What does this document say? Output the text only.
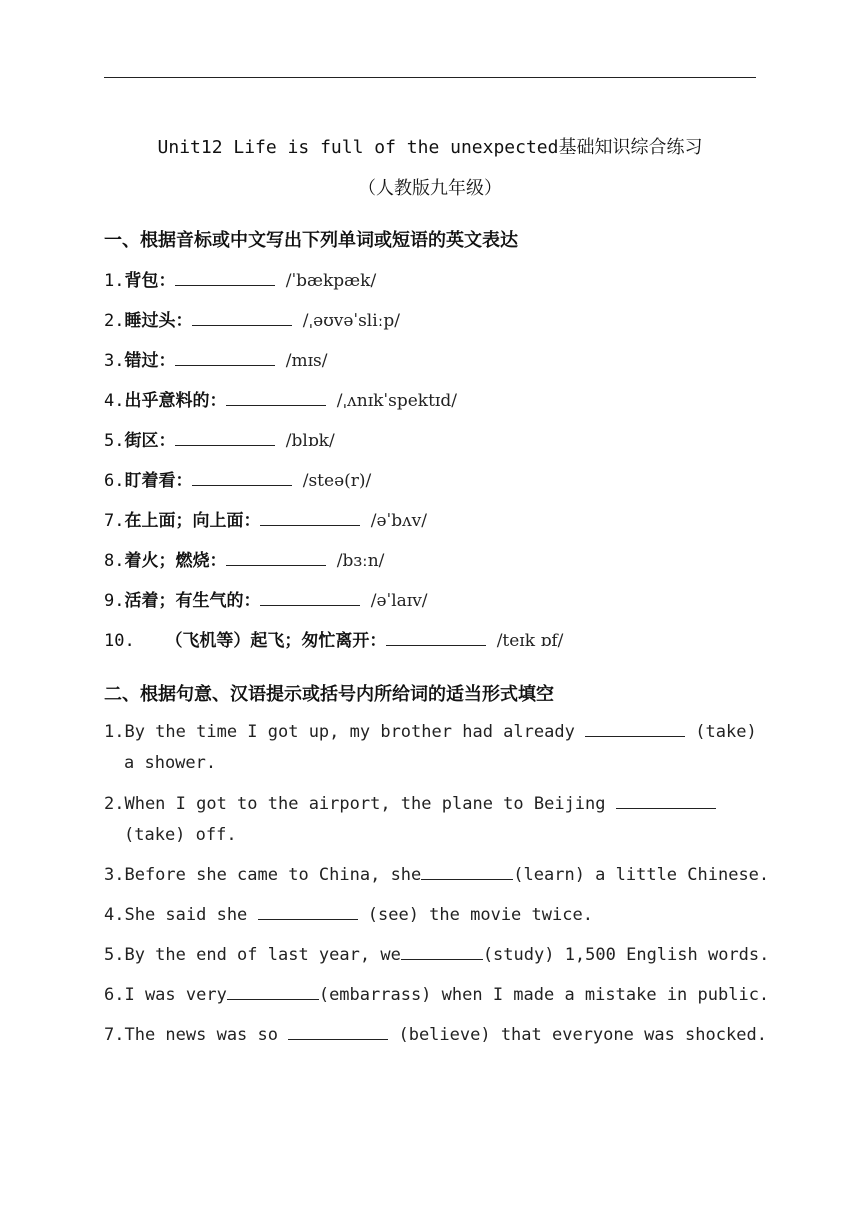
Unit12 Life is full of the unexpected基础知识综合练习
（人教版九年级）
一、根据音标或中文写出下列单词或短语的英文表达
1.背包：	/ˈbækpæk/
2.睡过头：	/ˌəʊvəˈsliːp/
3.错过：	/mɪs/
4.出乎意料的：	/ˌʌnɪkˈspektɪd/
5.街区：	/blɒk/
6.盯着看：	/steə(r)/
7.在上面；向上面：	/əˈbʌv/
8.着火；燃烧：	/bɜːn/
9.活着；有生气的：	/əˈlaɪv/
10. （飞机等）起飞；匆忙离开：	/teɪk ɒf/
二、根据句意、汉语提示或括号内所给词的适当形式填空
1.By the time I got up, my brother had already	(take)
a shower.
2.When I got to the airport, the plane to Beijing
(take) off.
3.Before she came to China, she	(learn) a little Chinese.
4.She said she	(see) the movie twice.
5.By the end of last year, we	(study) 1,500 English words.
6.I was very	(embarrass) when I made a mistake in public.
7.The news was so	(believe) that everyone was shocked.
